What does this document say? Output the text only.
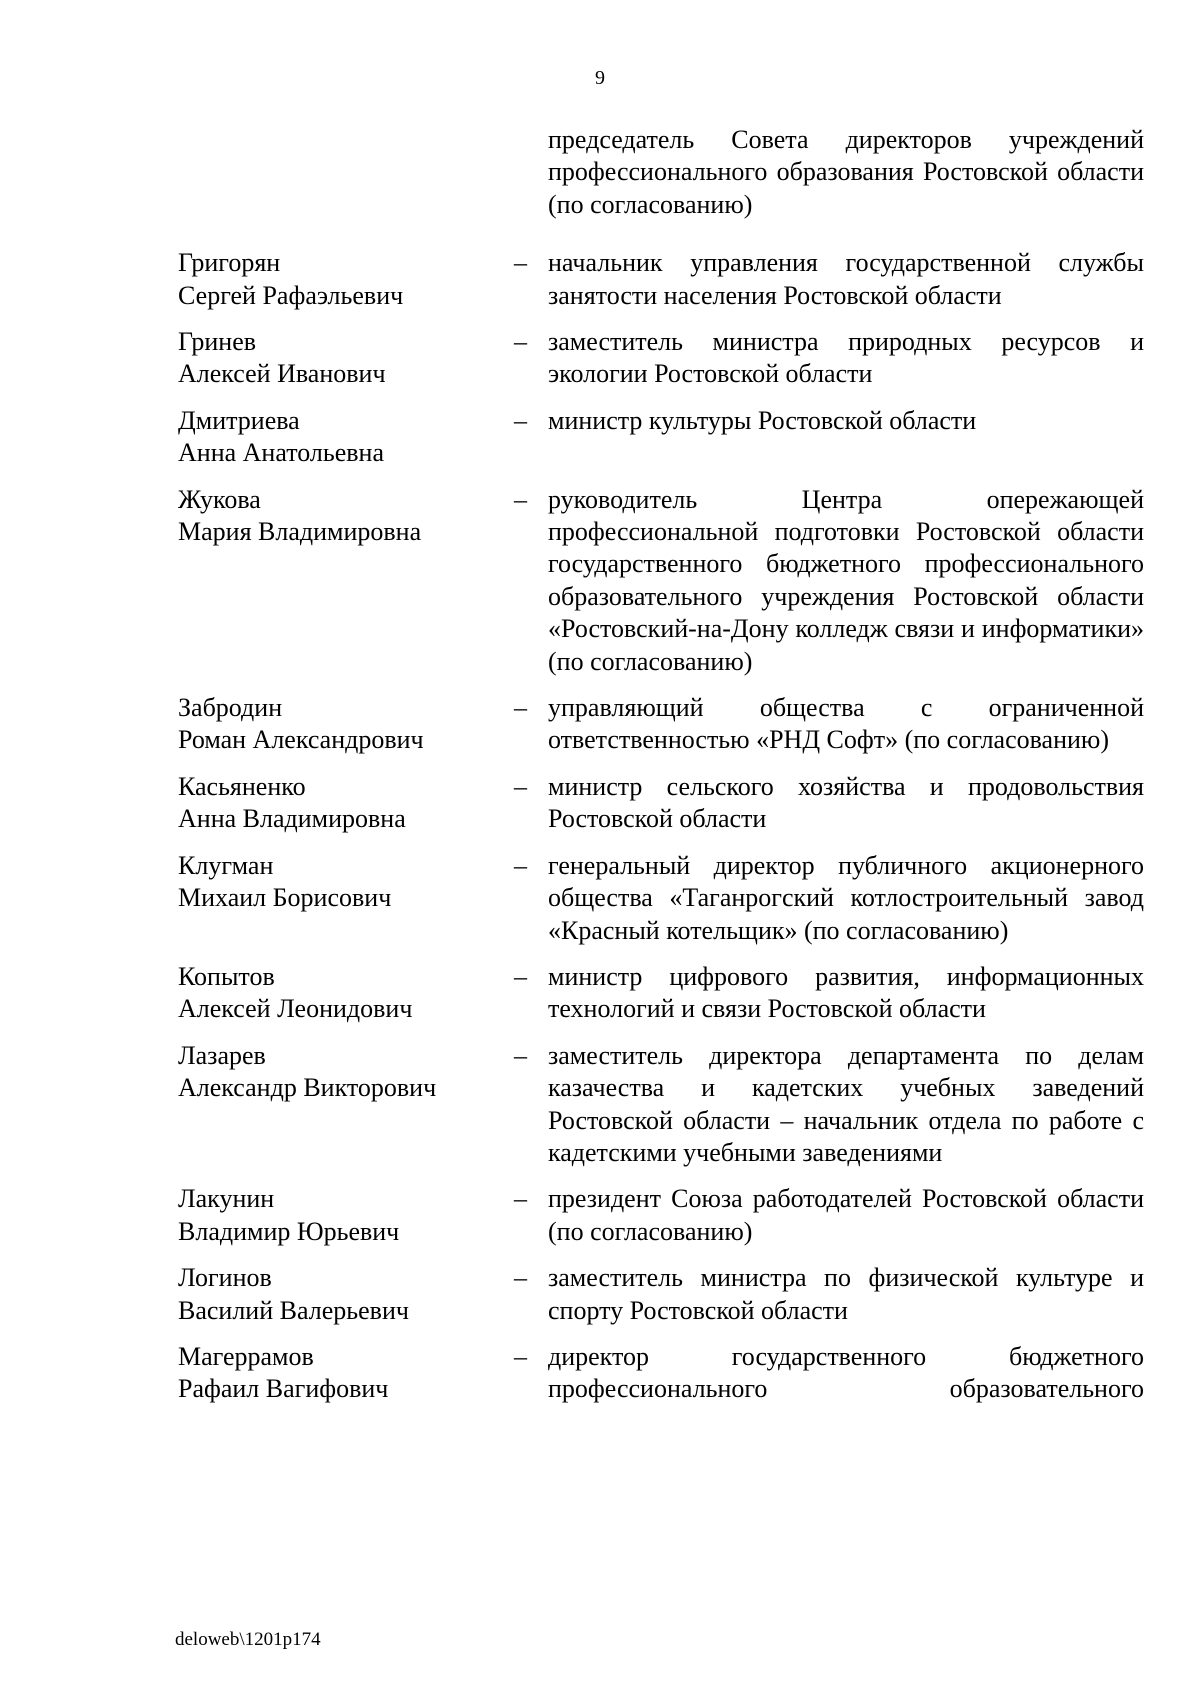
9
председатель Совета директоров учреждений профессионального образования Ростовской области (по согласованию)
Григорян
Сергей Рафаэльевич
– начальник управления государственной службы занятости населения Ростовской области
Гринев
Алексей Иванович
– заместитель министра природных ресурсов и экологии Ростовской области
Дмитриева
Анна Анатольевна
– министр культуры Ростовской области
Жукова
Мария Владимировна
– руководитель Центра опережающей профессиональной подготовки Ростовской области государственного бюджетного профессионального образовательного учреждения Ростовской области «Ростовский-на-Дону колледж связи и информатики» (по согласованию)
Забродин
Роман Александрович
– управляющий общества с ограниченной ответственностью «РНД Софт» (по согласованию)
Касьяненко
Анна Владимировна
– министр сельского хозяйства и продовольствия Ростовской области
Клугман
Михаил Борисович
– генеральный директор публичного акционерного общества «Таганрогский котлостроительный завод «Красный котельщик» (по согласованию)
Копытов
Алексей Леонидович
– министр цифрового развития, информационных технологий и связи Ростовской области
Лазарев
Александр Викторович
– заместитель директора департамента по делам казачества и кадетских учебных заведений Ростовской области – начальник отдела по работе с кадетскими учебными заведениями
Лакунин
Владимир Юрьевич
– президент Союза работодателей Ростовской области (по согласованию)
Логинов
Василий Валерьевич
– заместитель министра по физической культуре и спорту Ростовской области
Магеррамов
Рафаил Вагифович
– директор государственного бюджетного профессионального образовательного
deloweb\1201p174
